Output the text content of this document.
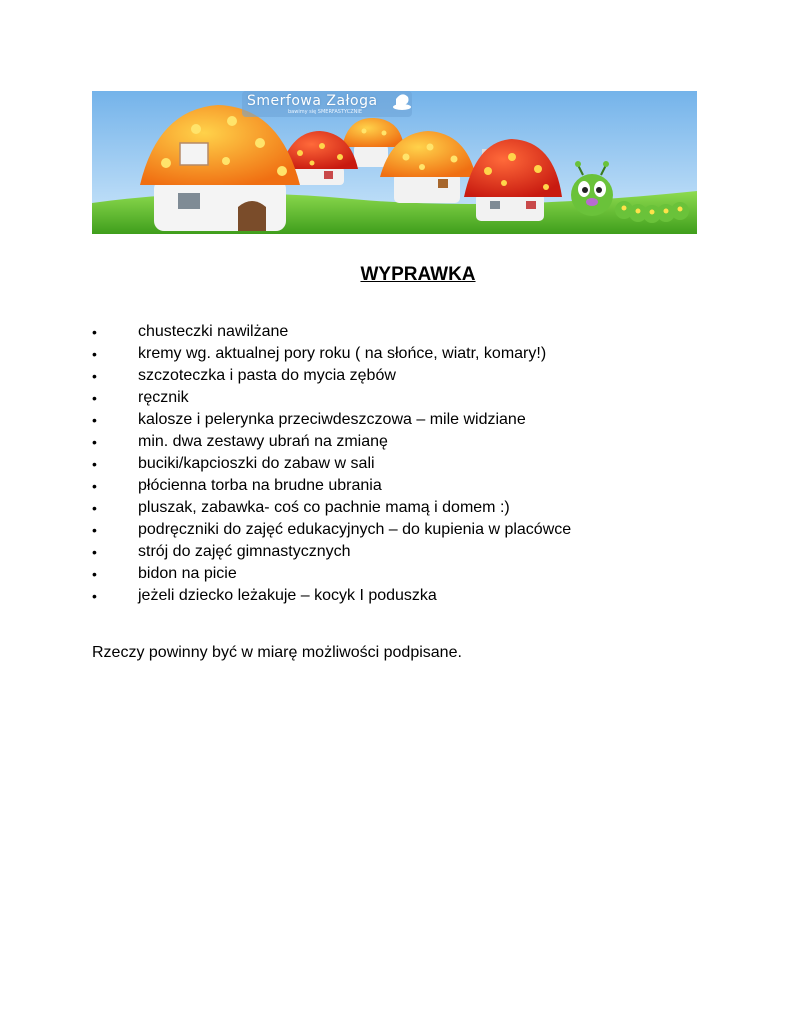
Smerfowa Załoga
bawimy się SMERFASTYCZNIE
WYPRAWKA
•	chusteczki nawilżane
•	kremy wg. aktualnej pory roku ( na słońce, wiatr, komary!)
•	szczoteczka i pasta do mycia zębów
•	ręcznik
•	kalosze i pelerynka przeciwdeszczowa – mile widziane
•	min. dwa zestawy ubrań na zmianę
•	buciki/kapcioszki do zabaw w sali
•	płócienna torba na brudne ubrania
•	pluszak, zabawka- coś co pachnie mamą i domem :)
•	podręczniki do zajęć edukacyjnych – do kupienia w placówce
•	strój do zajęć gimnastycznych
•	bidon na picie
•	jeżeli dziecko leżakuje – kocyk I poduszka

Rzeczy powinny być w miarę możliwości podpisane.
